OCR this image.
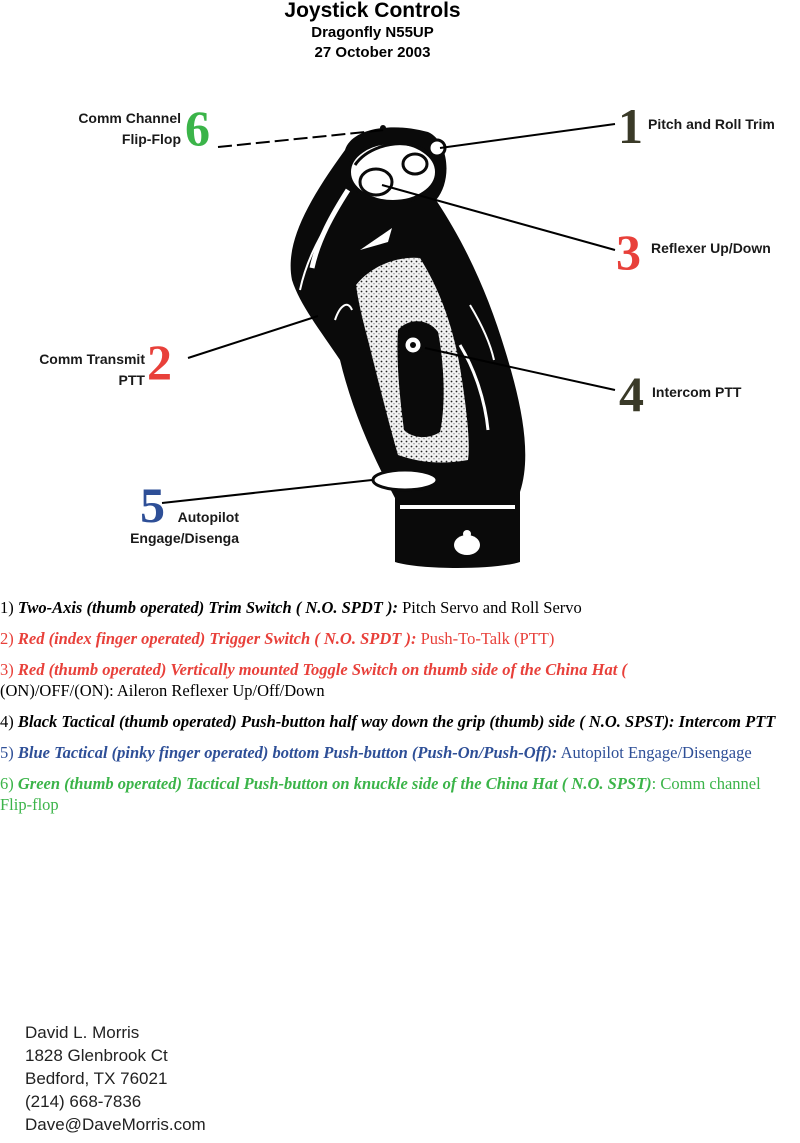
Joystick Controls
Dragonfly N55UP
27 October 2003
Pitch and Roll Trim
1
Comm Transmit
PTT 2
Reflexer Up/Down
3
Intercom PTT
4
Autopilot
Engage/Disenga
5
Comm Channel
Flip-Flop 6
1) Two-Axis (thumb operated) Trim Switch ( N.O. SPDT ): Pitch Servo and Roll Servo
2) Red (index finger operated) Trigger Switch ( N.O. SPDT ): Push-To-Talk (PTT)
3) Red (thumb operated) Vertically mounted Toggle Switch on thumb side of the China Hat (
(ON)/OFF/(ON): Aileron Reflexer Up/Off/Down
4) Black Tactical (thumb operated) Push-button half way down the grip (thumb) side ( N.O. SPST): Intercom PTT
5) Blue Tactical (pinky finger operated) bottom Push-button (Push-On/Push-Off): Autopilot Engage/Disengage
6) Green (thumb operated) Tactical Push-button on knuckle side of the China Hat ( N.O. SPST): Comm channel Flip-flop
David L. Morris
1828 Glenbrook Ct
Bedford, TX 76021
(214) 668-7836
Dave@DaveMorris.com
